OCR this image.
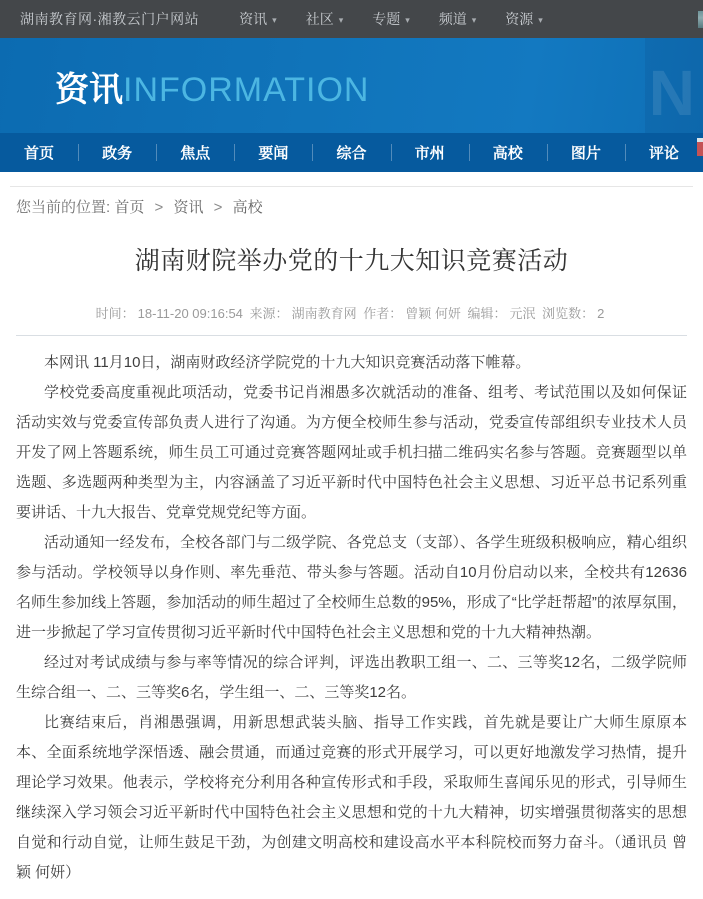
湖南教育网·湘教云门户网站	资讯 ▾ 社区 ▾ 专题 ▾ 频道 ▾ 资源 ▾
N
资讯INFORMATION
首页	政务	焦点	要闻	综合	市州	高校	图片	评论
您当前的位置: 首页 > 资讯 > 高校
湖南财院举办党的十九大知识竞赛活动
时间： 18-11-20 09:16:54 来源： 湖南教育网 作者： 曾颖 何妍 编辑： 元泯 浏览数： 2

本网讯 11月10日，湖南财政经济学院党的十九大知识竞赛活动落下帷幕。

学校党委高度重视此项活动，党委书记肖湘愚多次就活动的准备、组考、考试范围以及如何保证活动实效与党委宣传部负责人进行了沟通。为方便全校师生参与活动，党委宣传部组织专业技术人员开发了网上答题系统，师生员工可通过竞赛答题网址或手机扫描二维码实名参与答题。竞赛题型以单选题、多选题两种类型为主，内容涵盖了习近平新时代中国特色社会主义思想、习近平总书记系列重要讲话、十九大报告、党章党规党纪等方面。

活动通知一经发布，全校各部门与二级学院、各党总支（支部）、各学生班级积极响应，精心组织参与活动。学校领导以身作则、率先垂范、带头参与答题。活动自10月份启动以来，全校共有12636名师生参加线上答题，参加活动的师生超过了全校师生总数的95%，形成了“比学赶帮超”的浓厚氛围，进一步掀起了学习宣传贯彻习近平新时代中国特色社会主义思想和党的十九大精神热潮。

经过对考试成绩与参与率等情况的综合评判，评选出教职工组一、二、三等奖12名，二级学院师生综合组一、二、三等奖6名，学生组一、二、三等奖12名。

比赛结束后，肖湘愚强调，用新思想武装头脑、指导工作实践，首先就是要让广大师生原原本本、全面系统地学深悟透、融会贯通，而通过竞赛的形式开展学习，可以更好地激发学习热情，提升理论学习效果。他表示，学校将充分利用各种宣传形式和手段，采取师生喜闻乐见的形式，引导师生继续深入学习领会习近平新时代中国特色社会主义思想和党的十九大精神，切实增强贯彻落实的思想自觉和行动自觉，让师生鼓足干劲，为创建文明高校和建设高水平本科院校而努力奋斗。（通讯员 曾颖 何妍）
